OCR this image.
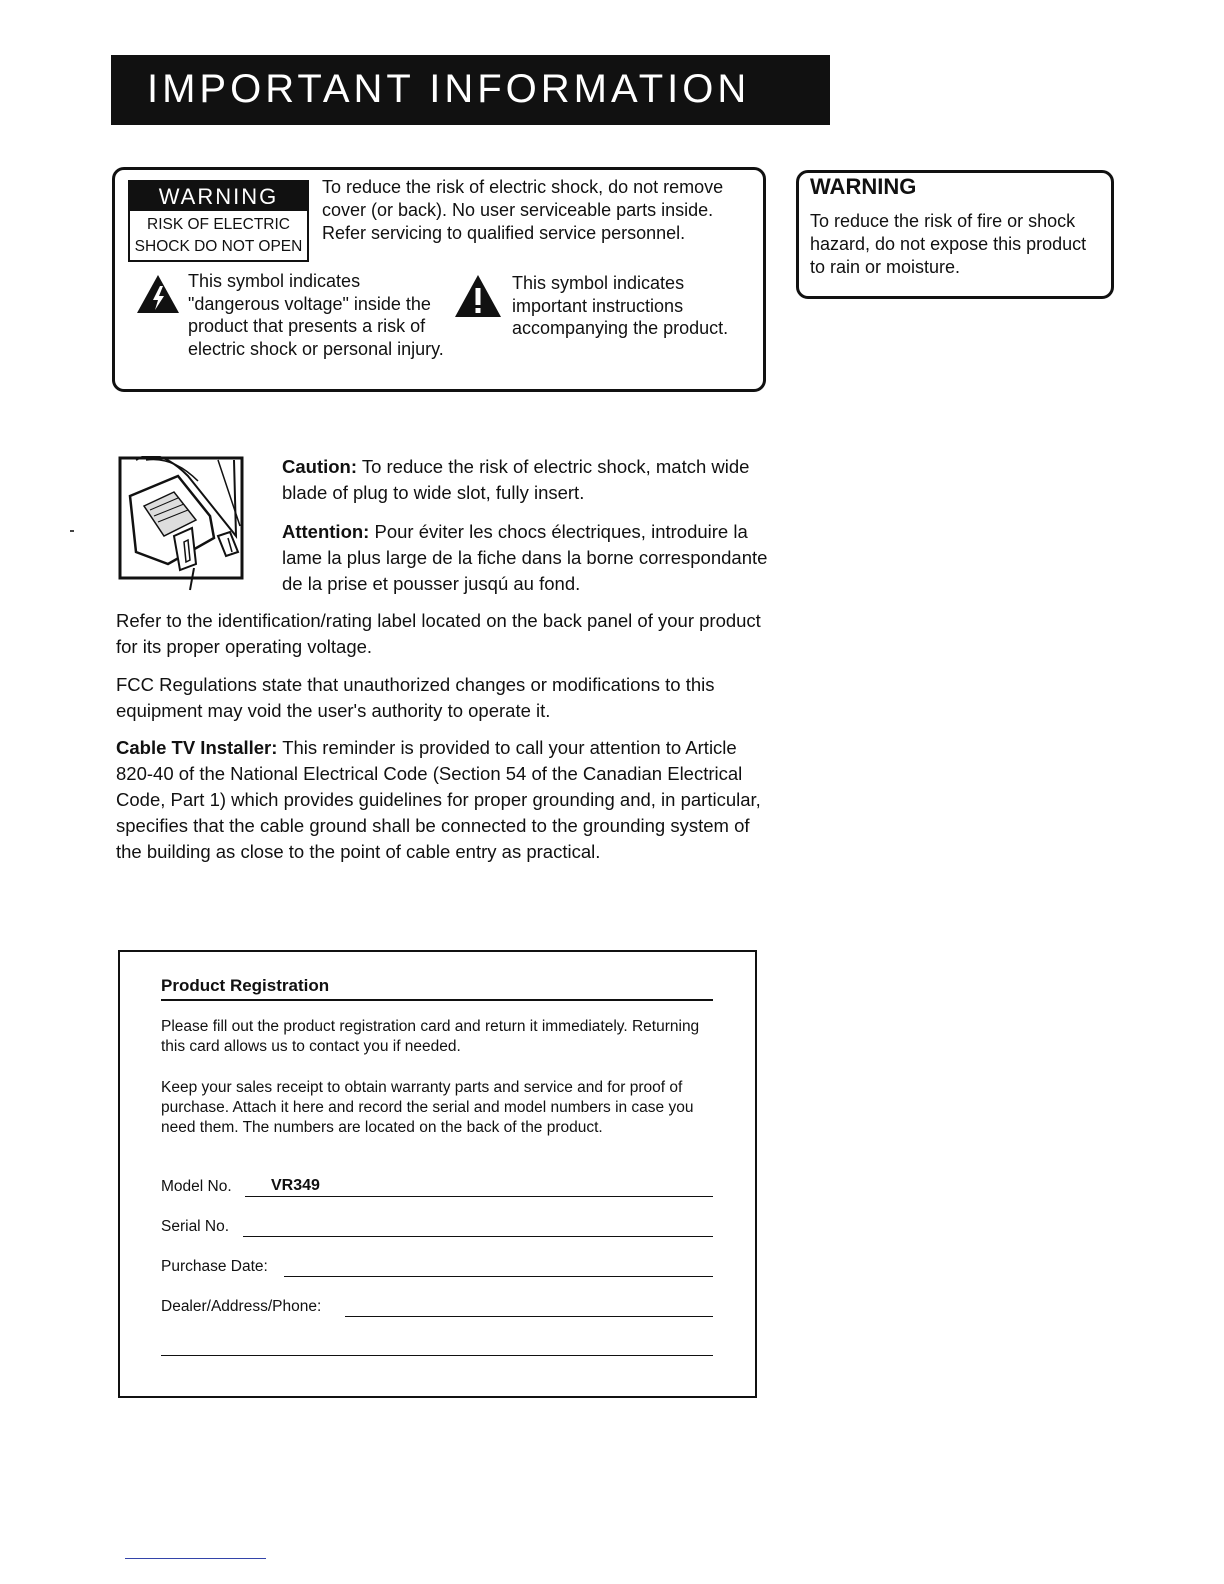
IMPORTANT INFORMATION
WARNING
RISK OF ELECTRIC
SHOCK DO NOT OPEN
To reduce the risk of electric shock, do not remove cover (or back). No user serviceable parts inside. Refer servicing to qualified service personnel.
This symbol indicates "dangerous voltage" inside the product that presents a risk of electric shock or personal injury.
This symbol indicates important instructions accompanying the product.
WARNING
To reduce the risk of fire or shock hazard, do not expose this product to rain or moisture.
Caution: To reduce the risk of electric shock, match wide blade of plug to wide slot, fully insert.
Attention: Pour éviter les chocs électriques, introduire la lame la plus large de la fiche dans la borne correspondante de la prise et pousser jusqú au fond.
Refer to the identification/rating label located on the back panel of your product for its proper operating voltage.
FCC Regulations state that unauthorized changes or modifications to this equipment may void the user's authority to operate it.
Cable TV Installer: This reminder is provided to call your attention to Article 820-40 of the National Electrical Code (Section 54 of the Canadian Electrical Code, Part 1) which provides guidelines for proper grounding and, in particular, specifies that the cable ground shall be connected to the grounding system of the building as close to the point of cable entry as practical.
Product Registration
Please fill out the product registration card and return it immediately. Returning this card allows us to contact you if needed.
Keep your sales receipt to obtain warranty parts and service and for proof of purchase. Attach it here and record the serial and model numbers in case you need them. The numbers are located on the back of the product.
Model No. VR349
Serial No.
Purchase Date:
Dealer/Address/Phone:
